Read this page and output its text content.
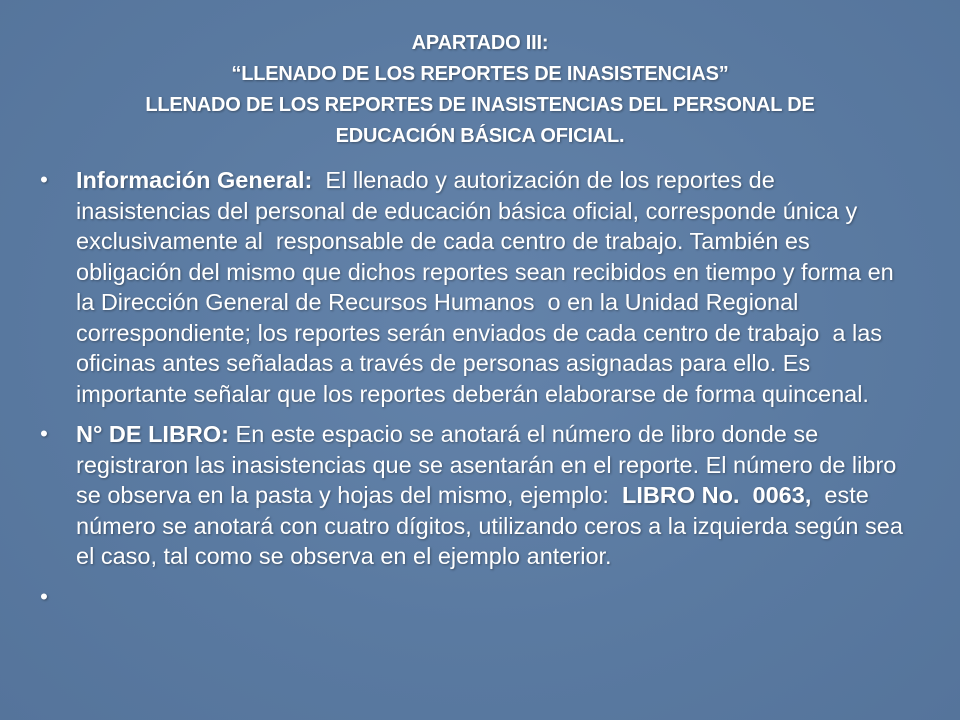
APARTADO III:
“LLENADO DE LOS REPORTES DE INASISTENCIAS”
LLENADO DE LOS REPORTES DE INASISTENCIAS DEL PERSONAL DE
EDUCACIÓN BÁSICA OFICIAL.
• Información General:  El llenado y autorización de los reportes de inasistencias del personal de educación básica oficial, corresponde única y exclusivamente al  responsable de cada centro de trabajo. También es obligación del mismo que dichos reportes sean recibidos en tiempo y forma en la Dirección General de Recursos Humanos  o en la Unidad Regional correspondiente; los reportes serán enviados de cada centro de trabajo  a las oficinas antes señaladas a través de personas asignadas para ello. Es importante señalar que los reportes deberán elaborarse de forma quincenal.
• N° DE LIBRO: En este espacio se anotará el número de libro donde se registraron las inasistencias que se asentarán en el reporte. El número de libro se observa en la pasta y hojas del mismo, ejemplo:  LIBRO No.  0063,  este número se anotará con cuatro dígitos, utilizando ceros a la izquierda según sea el caso, tal como se observa en el ejemplo anterior.
•
